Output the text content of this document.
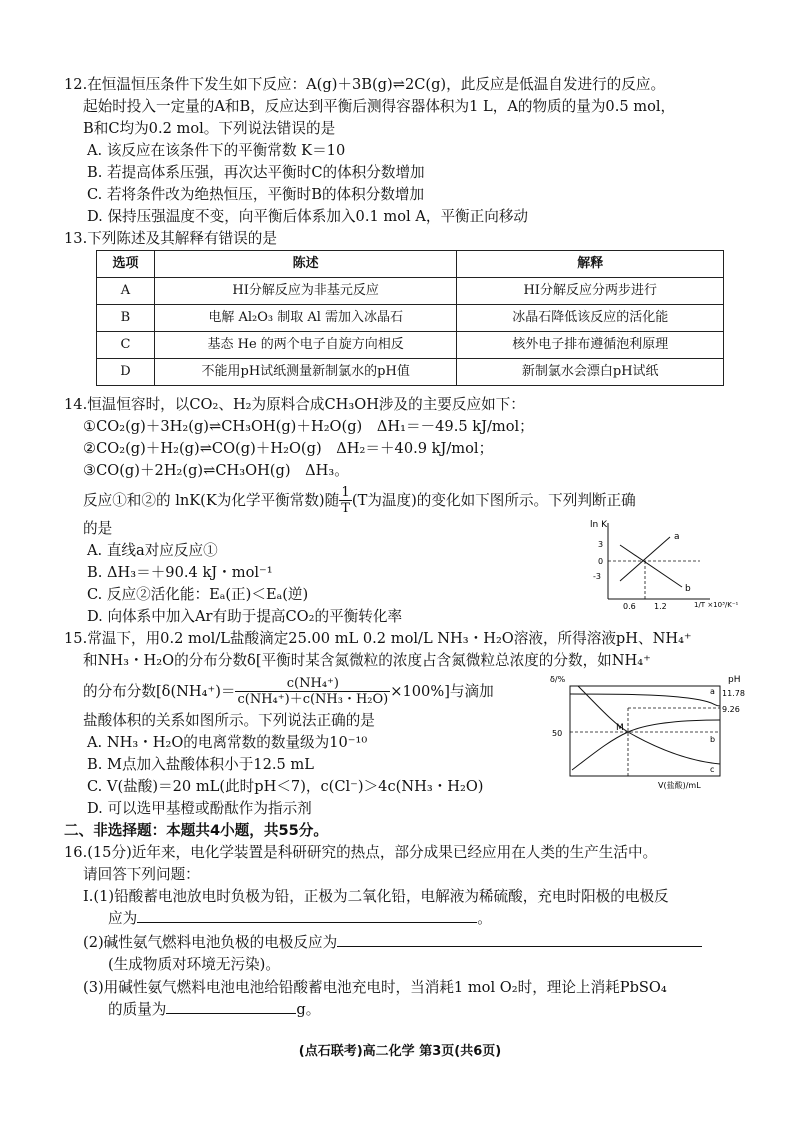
12.在恒温恒压条件下发生如下反应：A(g)＋3B(g)⇌2C(g)，此反应是低温自发进行的反应。
起始时投入一定量的A和B，反应达到平衡后测得容器体积为1 L，A的物质的量为0.5 mol，
B和C均为0.2 mol。下列说法错误的是
A. 该反应在该条件下的平衡常数 K＝10
B. 若提高体系压强，再次达平衡时C的体积分数增加
C. 若将条件改为绝热恒压，平衡时B的体积分数增加
D. 保持压强温度不变，向平衡后体系加入0.1 mol A，平衡正向移动
13.下列陈述及其解释有错误的是
选项	陈述	解释
A	HI分解反应为非基元反应	HI分解反应分两步进行
B	电解 Al₂O₃ 制取 Al 需加入冰晶石	冰晶石降低该反应的活化能
C	基态 He 的两个电子自旋方向相反	核外电子排布遵循泡利原理
D	不能用pH试纸测量新制氯水的pH值	新制氯水会漂白pH试纸
14.恒温恒容时，以CO₂、H₂为原料合成CH₃OH涉及的主要反应如下：
①CO₂(g)＋3H₂(g)⇌CH₃OH(g)＋H₂O(g)　ΔH₁＝－49.5 kJ/mol；
②CO₂(g)＋H₂(g)⇌CO(g)＋H₂O(g)　ΔH₂＝＋40.9 kJ/mol；
③CO(g)＋2H₂(g)⇌CH₃OH(g)　ΔH₃。
反应①和②的 lnK(K为化学平衡常数)随 $\frac{1}{T} (T$为温度)的变化如下图所示。下列判断正确
的是
A. 直线a对应反应①
B. ΔH₃＝＋90.4 kJ・mol⁻¹
C. 反应②活化能：Eₐ(正)＜Eₐ(逆)
D. 向体系中加入Ar有助于提高CO₂的平衡转化率
ln K
3
0
-3
0.6 1.2	1/T ×10³/K⁻¹
a
b
15.常温下，用0.2 mol/L盐酸滴定25.00 mL 0.2 mol/L NH₃・H₂O溶液，所得溶液pH、NH₄⁺
和NH₃・H₂O的分布分数δ[平衡时某含氮微粒的浓度占含氮微粒总浓度的分数，如NH₄⁺
的分布分数$[\delta(NH_4^+)= \frac{\text{c(NH₄⁺)}}{\text{c(NH₄⁺)＋c(NH₃・H₂O)}} \times 100\%]$与滴加
盐酸体积的关系如图所示。下列说法正确的是
A. NH₃・H₂O的电离常数的数量级为10⁻¹⁰
B. M点加入盐酸体积小于12.5 mL
C. V(盐酸)＝20 mL(此时pH＜7)，c(Cl⁻)＞4c(NH₃・H₂O)
D. 可以选甲基橙或酚酞作为指示剂
δ/%	pH
50
11.78
9.26
a
b
c
M
V(盐酸)/mL
二、非选择题：本题共4小题，共55分。
16.(15分)近年来，电化学装置是科研研究的热点，部分成果已经应用在人类的生产生活中。
请回答下列问题：
Ⅰ.(1)铅酸蓄电池放电时负极为铅，正极为二氧化铅，电解液为稀硫酸，充电时阳极的电极反
应为	。
(2)碱性氨气燃料电池负极的电极反应为
(生成物质对环境无污染)。
(3)用碱性氨气燃料电池电池给铅酸蓄电池充电时，当消耗1 mol O₂时，理论上消耗PbSO₄
的质量为	g。
(点石联考)高二化学 第3页(共6页)
